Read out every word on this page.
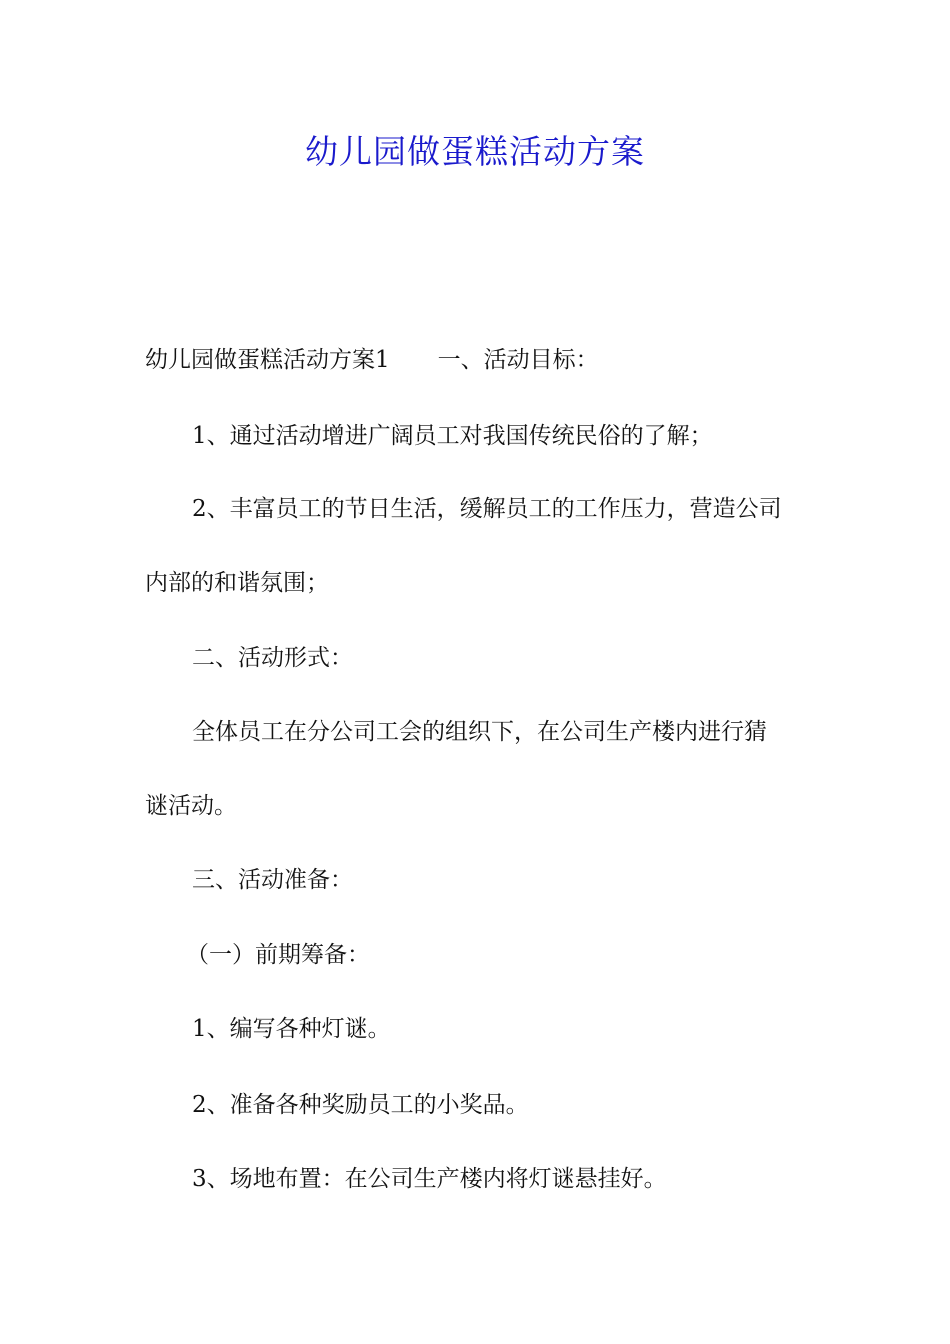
幼儿园做蛋糕活动方案
幼儿园做蛋糕活动方案1 一、活动目标：
1、通过活动增进广阔员工对我国传统民俗的了解；
2、丰富员工的节日生活，缓解员工的工作压力，营造公司
内部的和谐氛围；
二、活动形式：
全体员工在分公司工会的组织下，在公司生产楼内进行猜
谜活动。
三、活动准备：
（一）前期筹备：
1、编写各种灯谜。
2、准备各种奖励员工的小奖品。
3、场地布置：在公司生产楼内将灯谜悬挂好。
